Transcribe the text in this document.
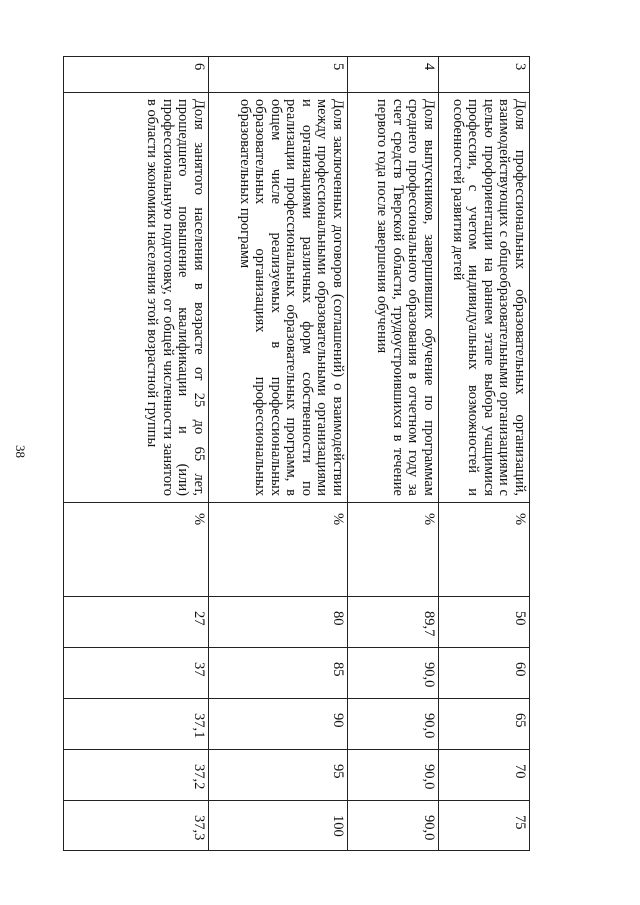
38
3	Доля профессиональных образовательных организаций, взаимодействующих с общеобразовательными организациями с целью профориентации на раннем этапе выбора учащимися профессии, с учетом индивидуальных возможностей и особенностей развития детей	%	50	60	65	70	75
4	Доля выпускников, завершивших обучение по программам среднего профессионального образования в отчетном году за счет средств Тверской области, трудоустроившихся в течение первого года после завершения обучения	%	89,7	90,0	90,0	90,0	90,0
5	Доля заключенных договоров (соглашений) о взаимодействии между профессиональными образовательными организациями и организациями различных форм собственности по реализации профессиональных образовательных программ, в общем числе реализуемых в профессиональных образовательных организациях профессиональных образовательных программ	%	80	85	90	95	100
6	Доля занятого населения в возрасте от 25 до 65 лет, прошедшего повышение квалификации и (или) профессиональную подготовку, от общей численности занятого в области экономики населения этой возрастной группы	%	27	37	37,1	37,2	37,3
